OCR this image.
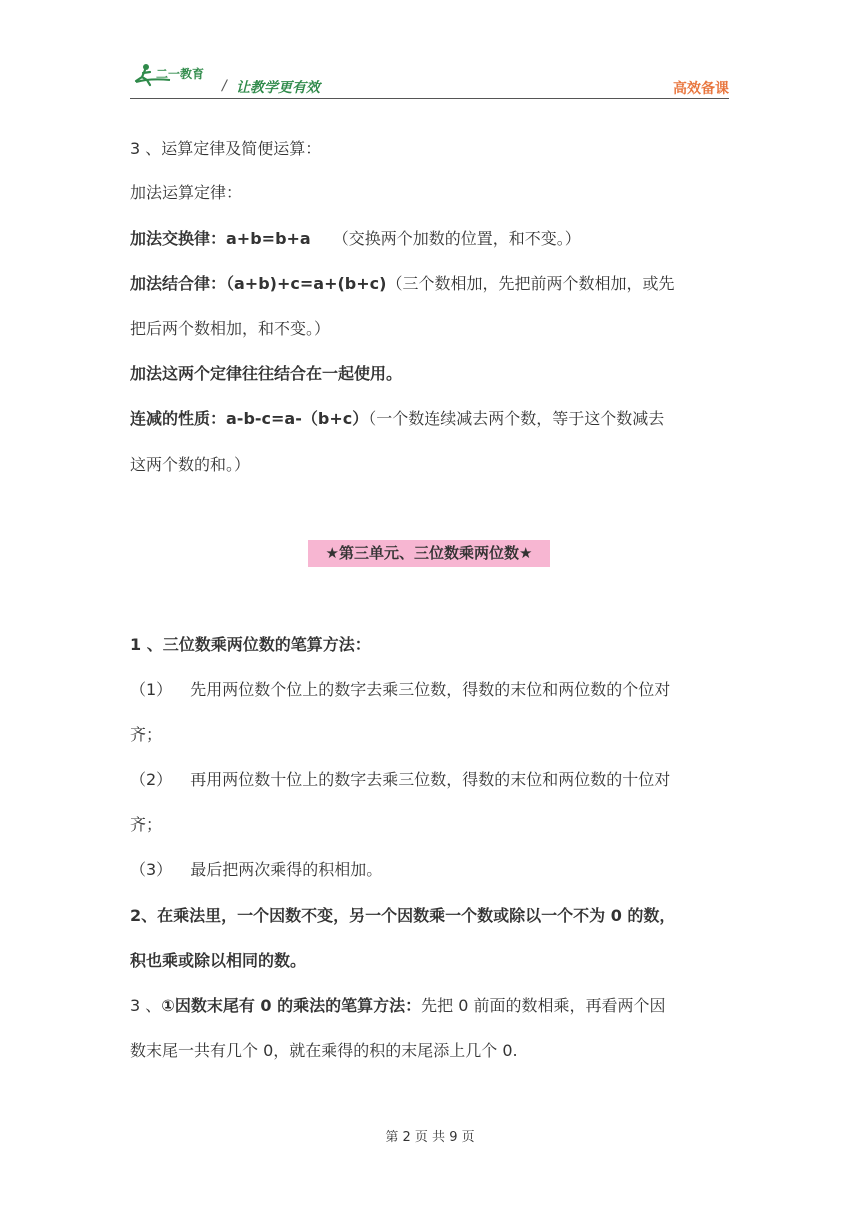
二一教育
/ 让教学更有效	高效备课
3 、运算定律及简便运算：
加法运算定律：
加法交换律：a+b=b+a （交换两个加数的位置，和不变。）
加法结合律：（a+b)+c=a+(b+c)（三个数相加，先把前两个数相加，或先
把后两个数相加，和不变。）
加法这两个定律往往结合在一起使用。
连减的性质：a-b-c=a-（b+c）（一个数连续减去两个数，等于这个数减去
这两个数的和。）
★第三单元、三位数乘两位数★
1 、三位数乘两位数的笔算方法：
（1） 先用两位数个位上的数字去乘三位数，得数的末位和两位数的个位对
齐；
（2） 再用两位数十位上的数字去乘三位数，得数的末位和两位数的十位对
齐；
（3） 最后把两次乘得的积相加。
2、在乘法里，一个因数不变，另一个因数乘一个数或除以一个不为 0 的数，
积也乘或除以相同的数。
3 、①因数末尾有 0 的乘法的笔算方法：先把 0 前面的数相乘，再看两个因
数末尾一共有几个 0，就在乘得的积的末尾添上几个 0.
第 2 页 共 9 页
